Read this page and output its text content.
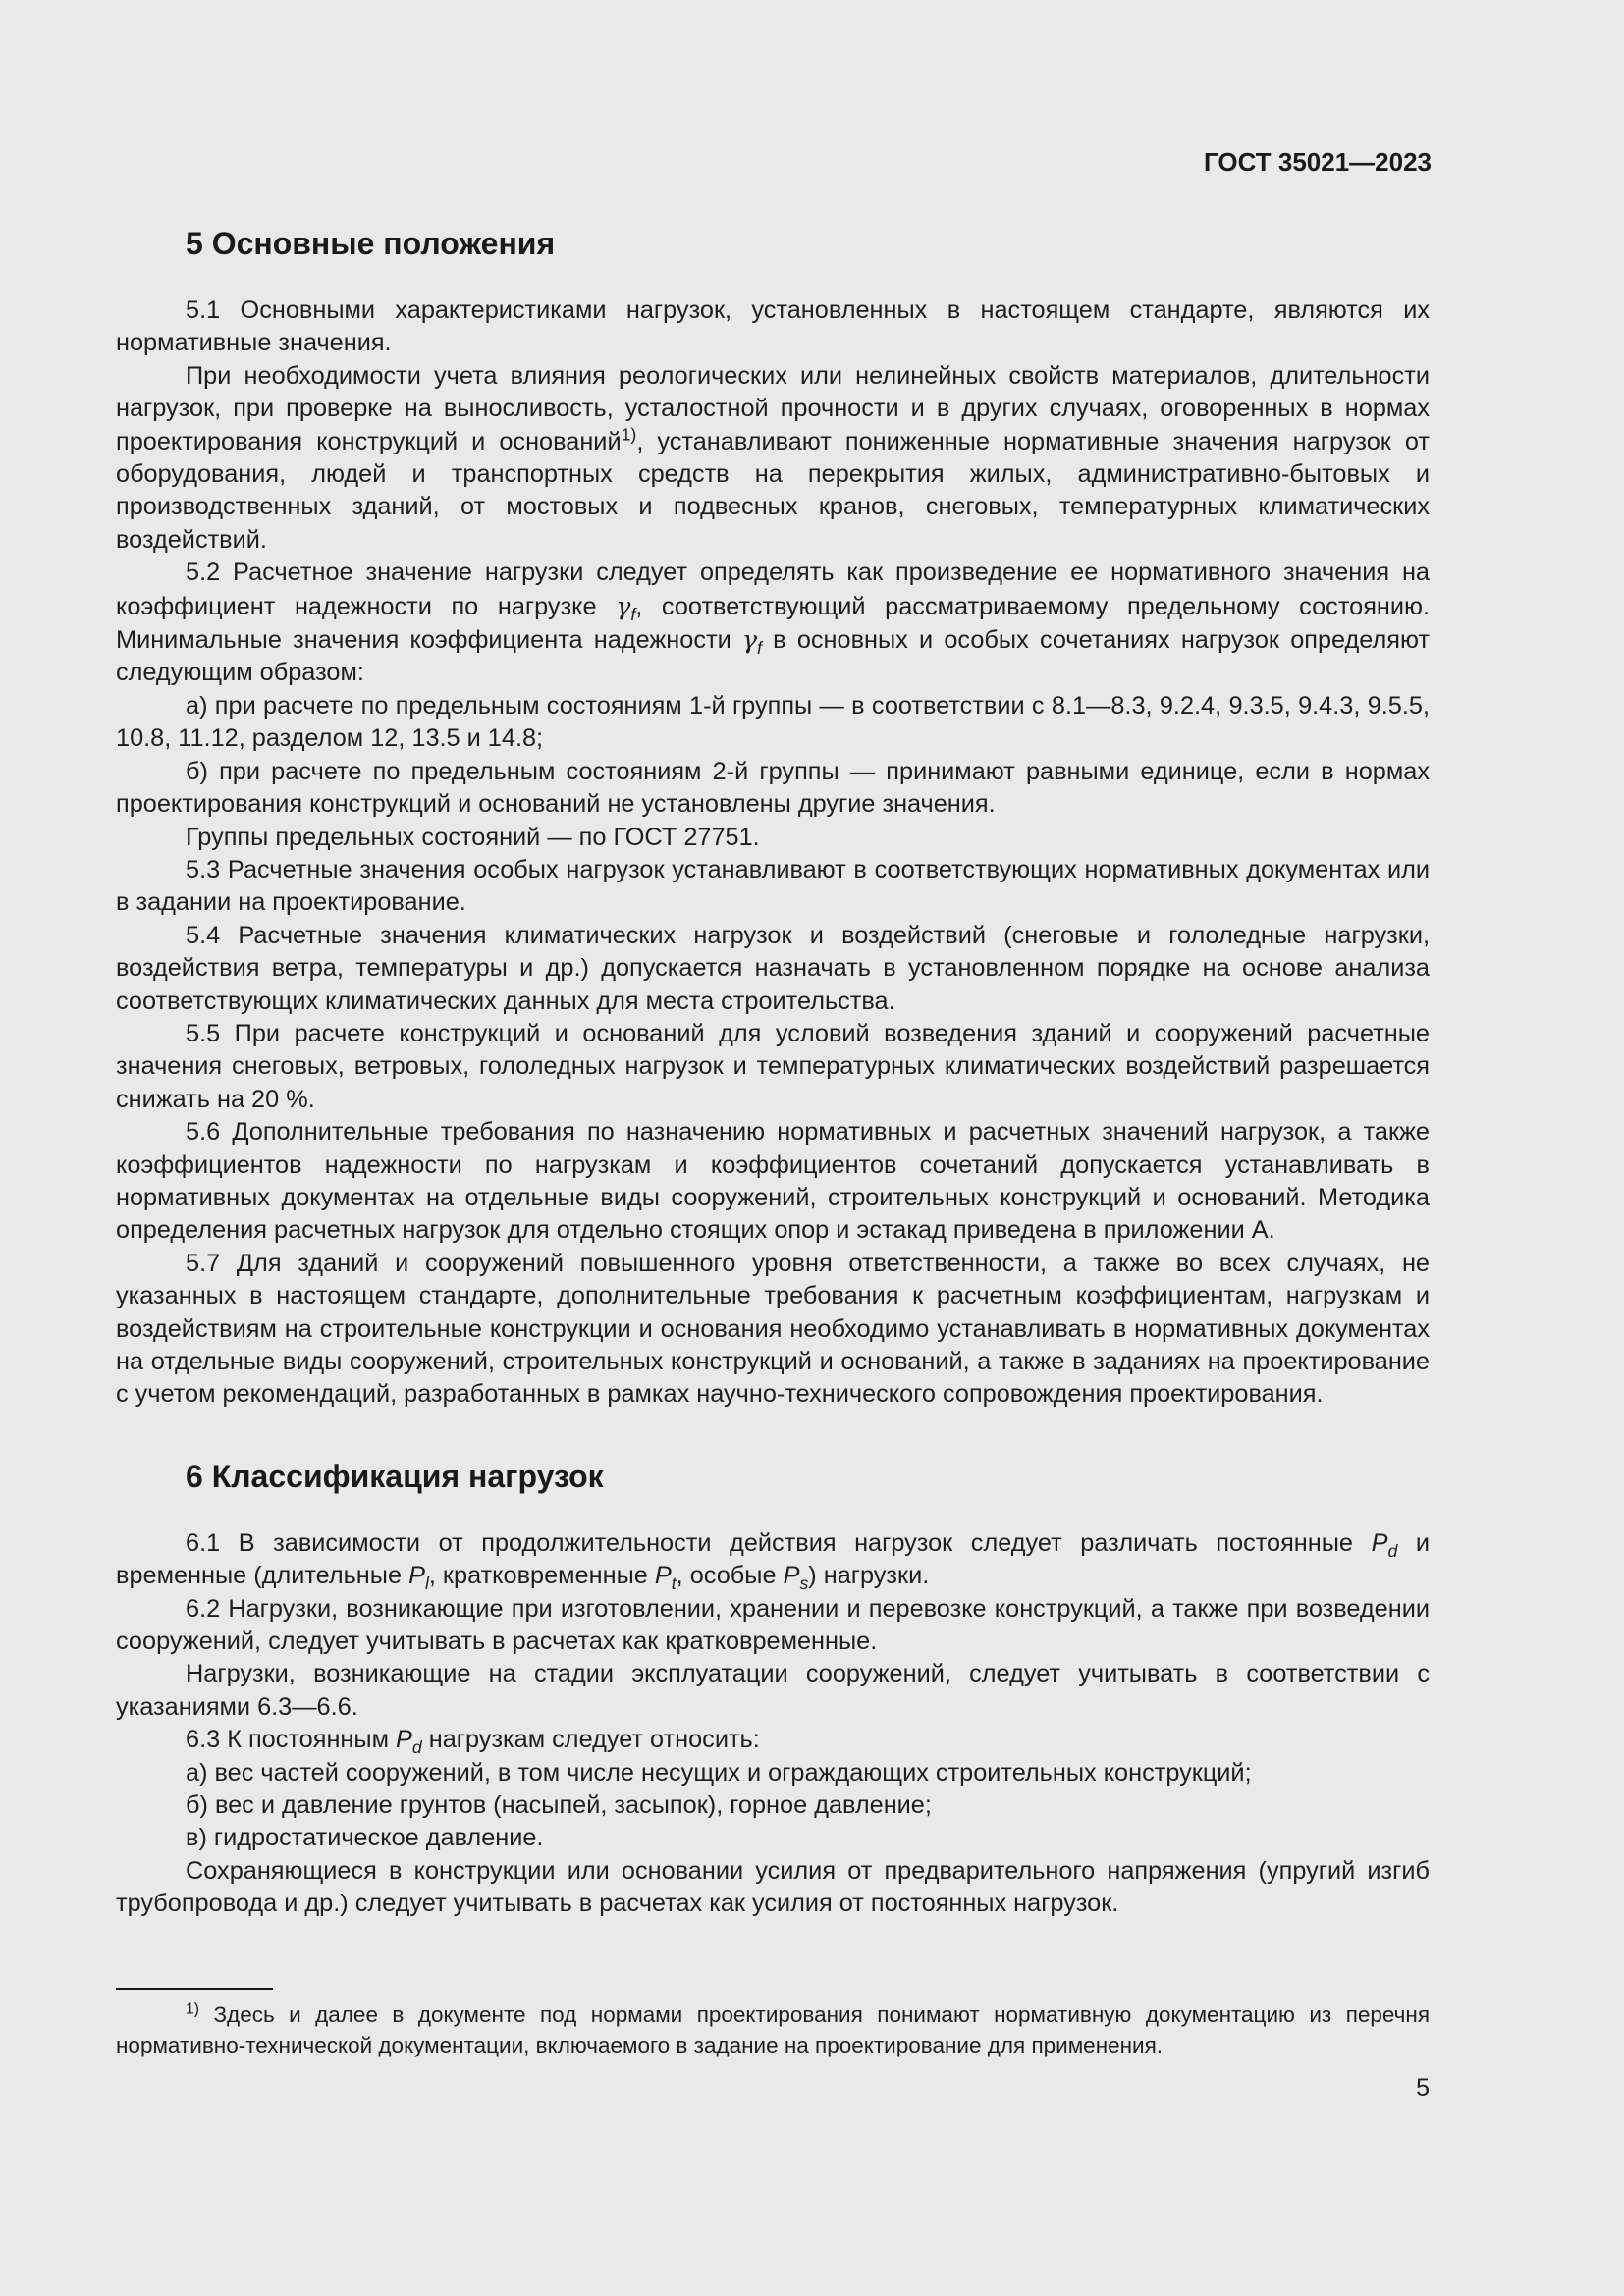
ГОСТ 35021—2023
5 Основные положения

5.1 Основными характеристиками нагрузок, установленных в настоящем стандарте, являются их нормативные значения.

При необходимости учета влияния реологических или нелинейных свойств материалов, длительности нагрузок, при проверке на выносливость, усталостной прочности и в других случаях, оговоренных в нормах проектирования конструкций и оснований$^{1)}$, устанавливают пониженные нормативные значения нагрузок от оборудования, людей и транспортных средств на перекрытия жилых, административно-бытовых и производственных зданий, от мостовых и подвесных кранов, снеговых, температурных климатических воздействий.

5.2 Расчетное значение нагрузки следует определять как произведение ее нормативного значения на коэффициент надежности по нагрузке $\gamma_f$, соответствующий рассматриваемому предельному состоянию. Минимальные значения коэффициента надежности $\gamma_f$ в основных и особых сочетаниях нагрузок определяют следующим образом:

а) при расчете по предельным состояниям 1-й группы — в соответствии с 8.1—8.3, 9.2.4, 9.3.5, 9.4.3, 9.5.5, 10.8, 11.12, разделом 12, 13.5 и 14.8;

б) при расчете по предельным состояниям 2-й группы — принимают равными единице, если в нормах проектирования конструкций и оснований не установлены другие значения.

Группы предельных состояний — по ГОСТ 27751.

5.3 Расчетные значения особых нагрузок устанавливают в соответствующих нормативных документах или в задании на проектирование.

5.4 Расчетные значения климатических нагрузок и воздействий (снеговые и гололедные нагрузки, воздействия ветра, температуры и др.) допускается назначать в установленном порядке на основе анализа соответствующих климатических данных для места строительства.

5.5 При расчете конструкций и оснований для условий возведения зданий и сооружений расчетные значения снеговых, ветровых, гололедных нагрузок и температурных климатических воздействий разрешается снижать на 20 %.

5.6 Дополнительные требования по назначению нормативных и расчетных значений нагрузок, а также коэффициентов надежности по нагрузкам и коэффициентов сочетаний допускается устанавливать в нормативных документах на отдельные виды сооружений, строительных конструкций и оснований. Методика определения расчетных нагрузок для отдельно стоящих опор и эстакад приведена в приложении А.

5.7 Для зданий и сооружений повышенного уровня ответственности, а также во всех случаях, не указанных в настоящем стандарте, дополнительные требования к расчетным коэффициентам, нагрузкам и воздействиям на строительные конструкции и основания необходимо устанавливать в нормативных документах на отдельные виды сооружений, строительных конструкций и оснований, а также в заданиях на проектирование с учетом рекомендаций, разработанных в рамках научно-технического сопровождения проектирования.

6 Классификация нагрузок

6.1 В зависимости от продолжительности действия нагрузок следует различать постоянные $P_d$ и временные (длительные $P_l$, кратковременные $P_t$, особые $P_s$) нагрузки.

6.2 Нагрузки, возникающие при изготовлении, хранении и перевозке конструкций, а также при возведении сооружений, следует учитывать в расчетах как кратковременные.

Нагрузки, возникающие на стадии эксплуатации сооружений, следует учитывать в соответствии с указаниями 6.3—6.6.

6.3 К постоянным $P_d$ нагрузкам следует относить:

а) вес частей сооружений, в том числе несущих и ограждающих строительных конструкций;

б) вес и давление грунтов (насыпей, засыпок), горное давление;

в) гидростатическое давление.

Сохраняющиеся в конструкции или основании усилия от предварительного напряжения (упругий изгиб трубопровода и др.) следует учитывать в расчетах как усилия от постоянных нагрузок.

$^{1)}$ Здесь и далее в документе под нормами проектирования понимают нормативную документацию из перечня нормативно-технической документации, включаемого в задание на проектирование для применения.

5
